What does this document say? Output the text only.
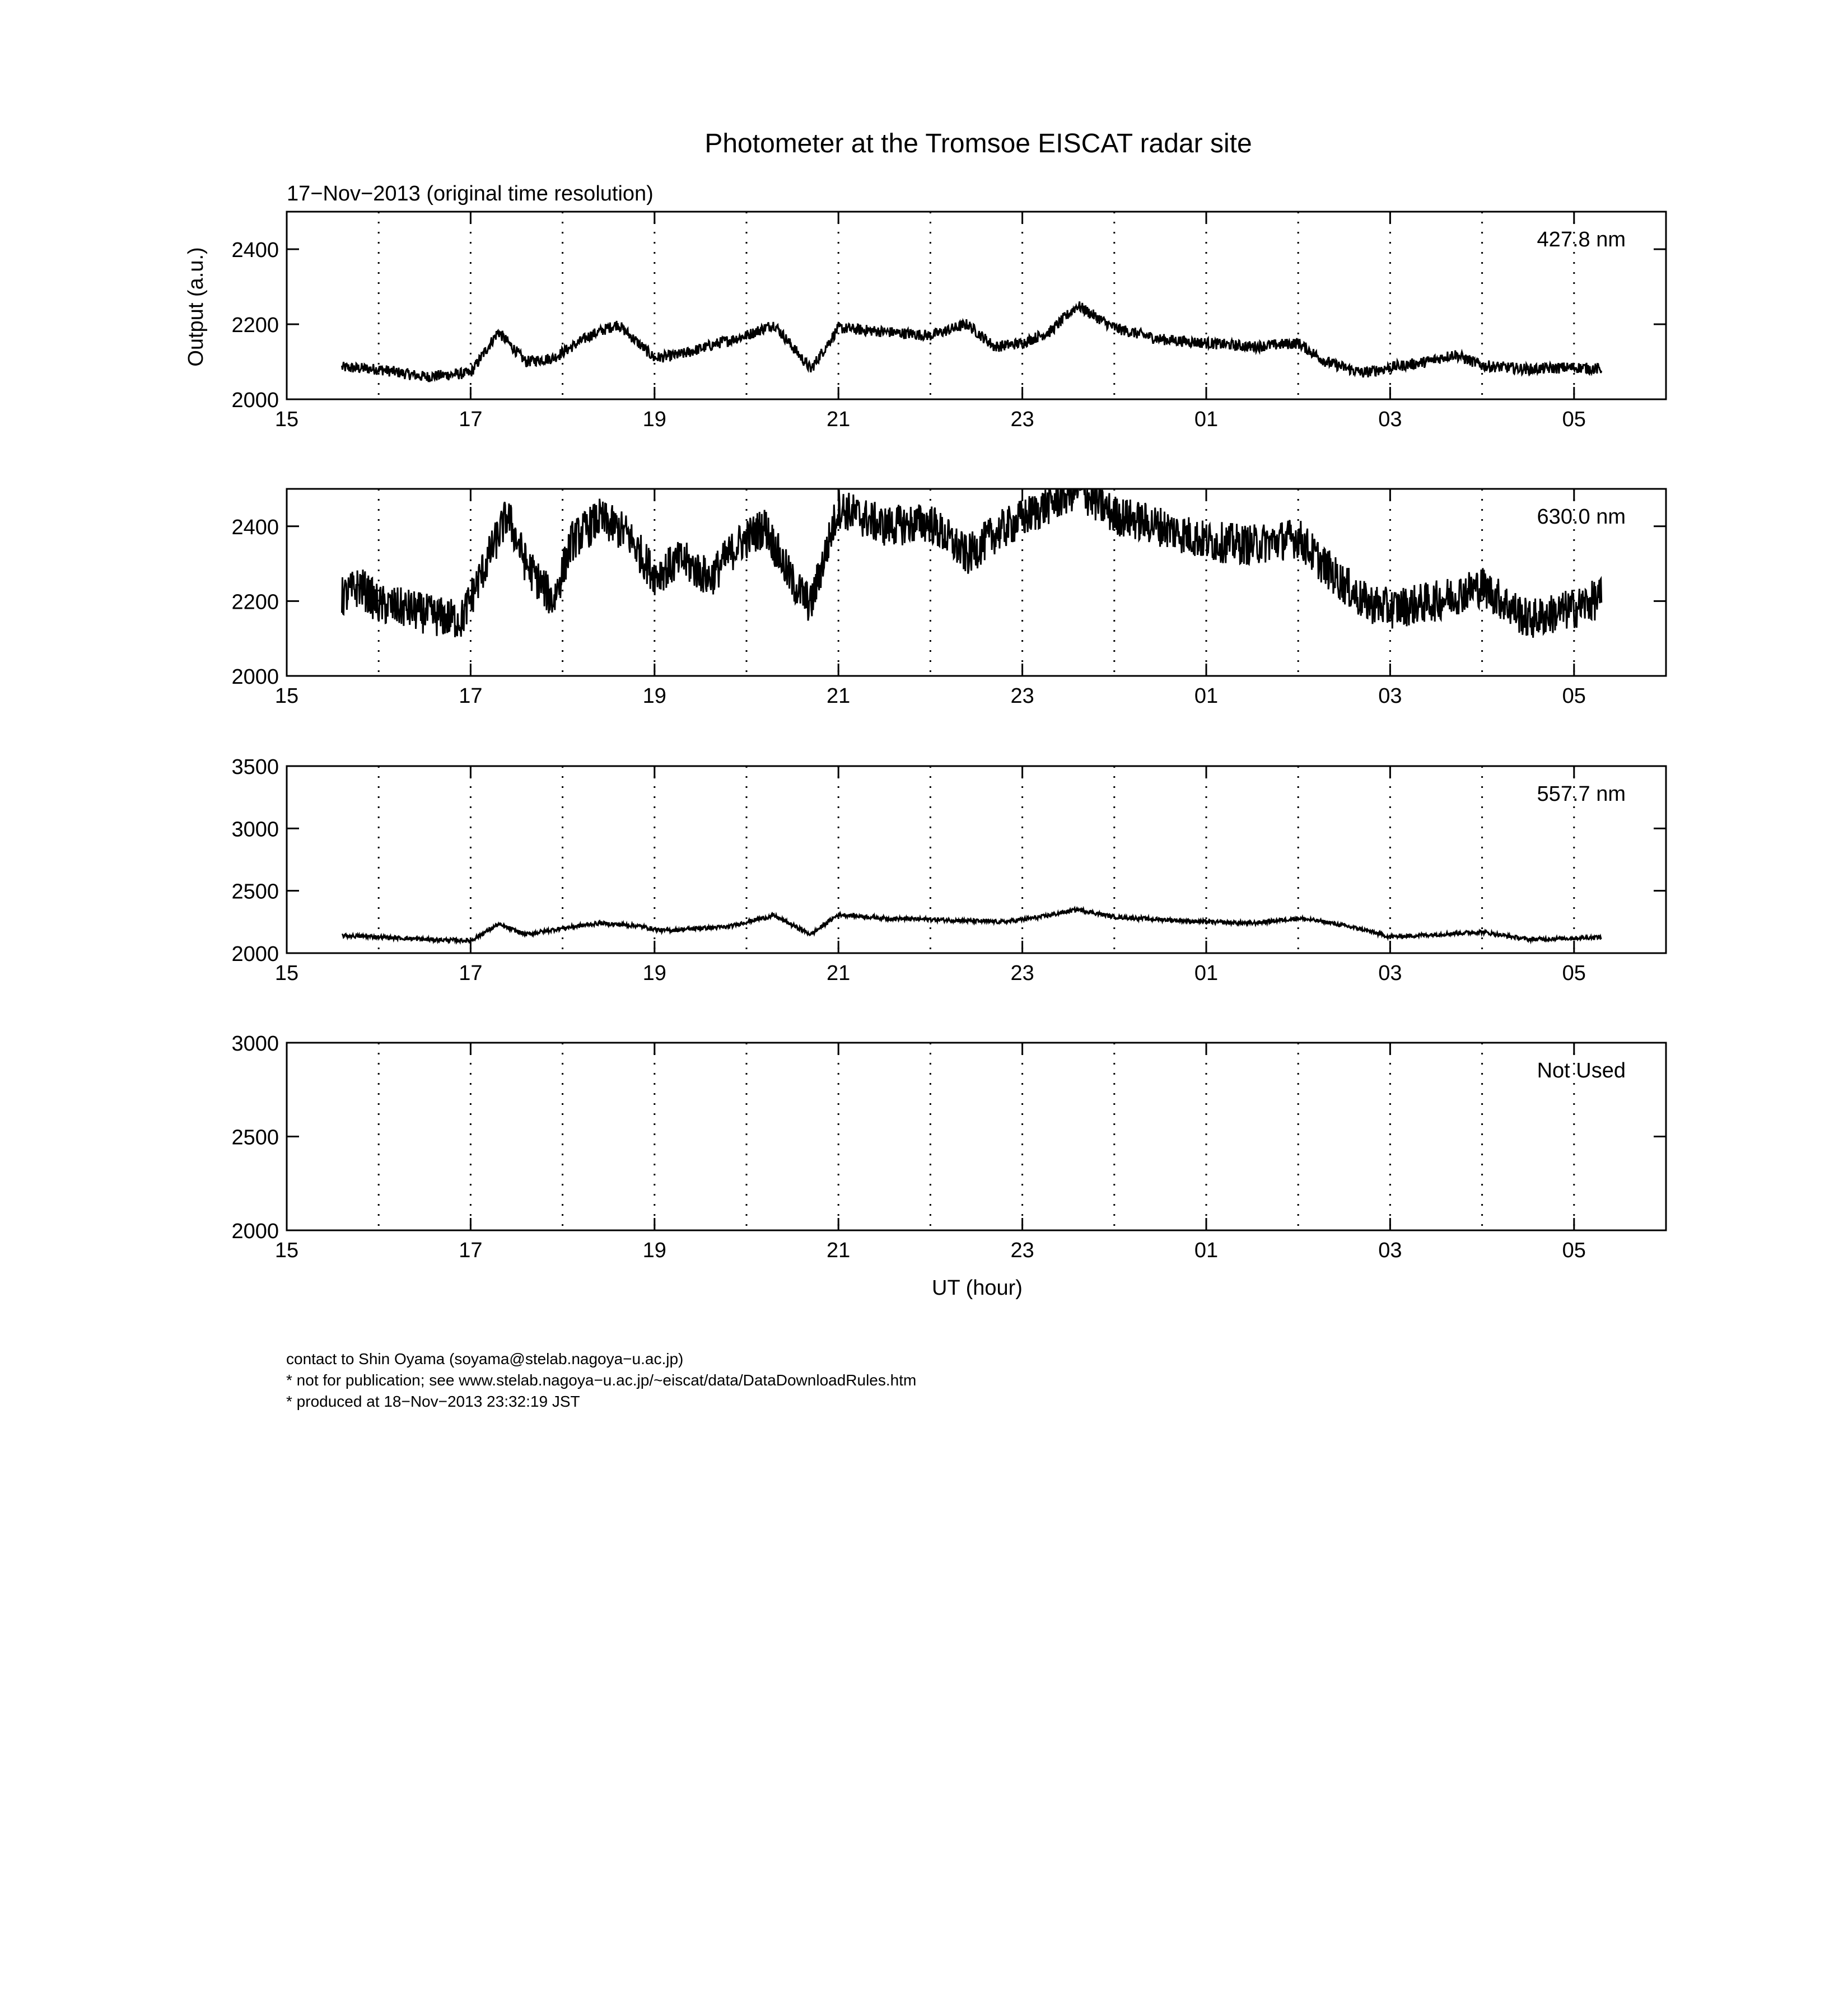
Photometer at the Tromsoe EISCAT radar site
17−Nov−2013 (original time resolution)
Output (a.u.)
UT (hour)
15	17	19	21	23	01	03	05
2000
2200
2400	427.8 nm
15	17	19	21	23	01	03	05
2000
2200
2400	630.0 nm
15	17	19	21	23	01	03	05
2000
2500
3000
3500
557.7 nm
15	17	19	21	23	01	03	05
2000
2500
3000
Not Used
contact to Shin Oyama (soyama@stelab.nagoya−u.ac.jp)
* not for publication; see www.stelab.nagoya−u.ac.jp/~eiscat/data/DataDownloadRules.htm
* produced at 18−Nov−2013 23:32:19 JST
